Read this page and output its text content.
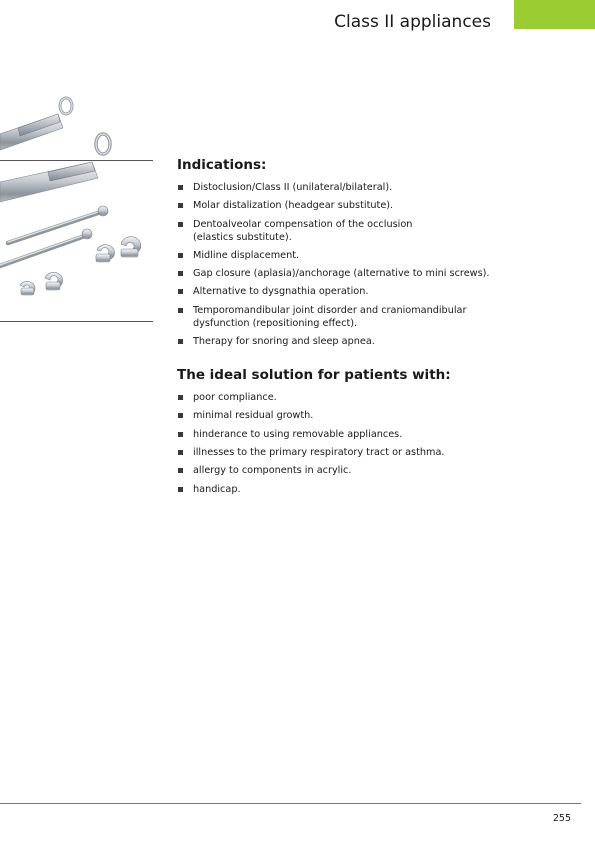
Class II appliances
Indications:
Distoclusion/Class II (unilateral/bilateral).
Molar distalization (headgear substitute).
Dentoalveolar compensation of the occlusion
(elastics substitute).
Midline displacement.
Gap closure (aplasia)/anchorage (alternative to mini screws).
Alternative to dysgnathia operation.
Temporomandibular joint disorder and craniomandibular
dysfunction (repositioning effect).
Therapy for snoring and sleep apnea.
The ideal solution for patients with:
poor compliance.
minimal residual growth.
hinderance to using removable appliances.
illnesses to the primary respiratory tract or asthma.
allergy to components in acrylic.
handicap.
255
